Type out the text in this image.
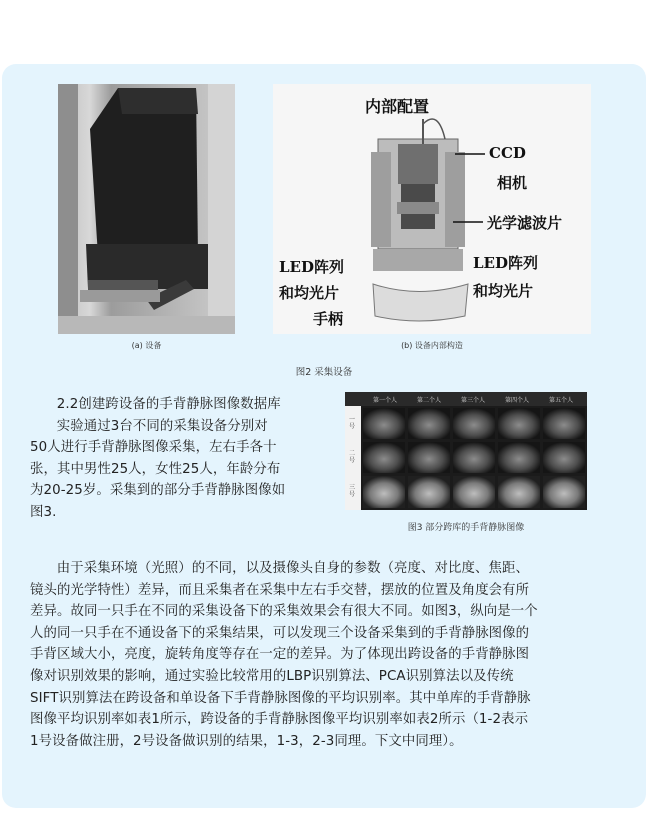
(a) 设备
内部配置
CCD
相机
光学滤波片
LED阵列
和均光片
手柄
LED阵列
和均光片
(b) 设备内部构造
图2 采集设备

2.2创建跨设备的手背静脉图像数据库

实验通过3台不同的采集设备分别对

50人进行手背静脉图像采集，左右手各十

张，其中男性25人，女性25人，年龄分布

为20-25岁。采集到的部分手背静脉图像如

图3.

第一个人	第二个人	第三个人	第四个人	第五个人
一号
二号
三号
图3 部分跨库的手背静脉图像

由于采集环境（光照）的不同，以及摄像头自身的参数（亮度、对比度、焦距、

镜头的光学特性）差异，而且采集者在采集中左右手交替，摆放的位置及角度会有所

差异。故同一只手在不同的采集设备下的采集效果会有很大不同。如图3，纵向是一个

人的同一只手在不通设备下的采集结果，可以发现三个设备采集到的手背静脉图像的

手背区域大小，亮度，旋转角度等存在一定的差异。为了体现出跨设备的手背静脉图

像对识别效果的影响，通过实验比较常用的LBP识别算法、PCA识别算法以及传统

SIFT识别算法在跨设备和单设备下手背静脉图像的平均识别率。其中单库的手背静脉

图像平均识别率如表1所示，跨设备的手背静脉图像平均识别率如表2所示（1-2表示

1号设备做注册，2号设备做识别的结果，1-3，2-3同理。下文中同理）。
